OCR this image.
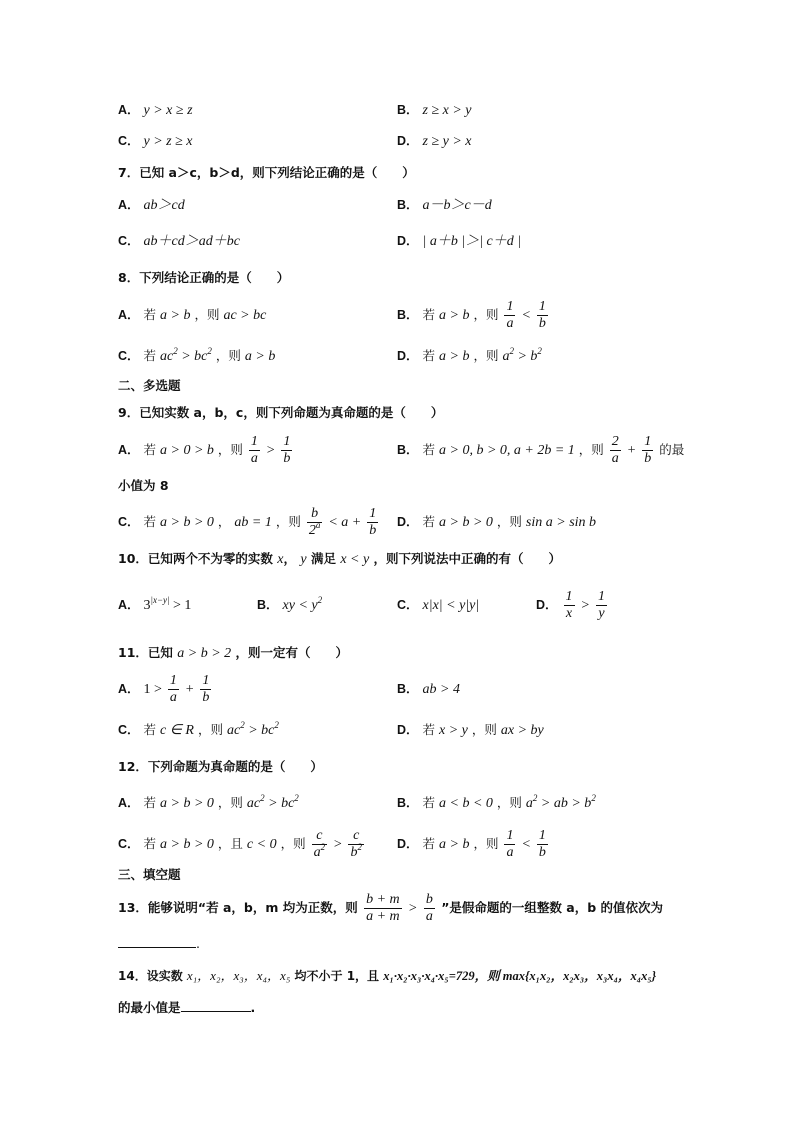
A． y > x ≥ z	B． z ≥ x > y
C． y > z ≥ x	D． z ≥ y > x
7．已知 a＞c，b＞d，则下列结论正确的是（　　）
A． ab＞cd	B． a－b＞c－d
C． ab＋cd＞ad＋bc	D． | a＋b |＞| c＋d |
8．下列结论正确的是（　　）
A． 若 a > b ，则 ac > bc	B． 若 a > b ，则 $\frac{1}{a} < \frac{1}{b}$
C． 若 $ac^2 > bc^2$ ，则 a > b	D． 若 a > b ，则 $a^2 > b^2$
二、多选题
9．已知实数 a，b，c，则下列命题为真命题的是（　　）
A． 若 a > 0 > b ，则 $\frac{1}{a} > \frac{1}{b}$	B． 若 a > 0, b > 0, a + 2b = 1 ，则 $\frac{2}{a} + \frac{1}{b}$ 的最
小值为 8
C． 若 a > b > 0 ， ab = 1 ，则 $\frac{b}{2^a} < a + \frac{1}{b}$ D． 若 a > b > 0 ，则 sin a > sin b
10．已知两个不为零的实数 x， y 满足 x < y ，则下列说法中正确的有（　　）
A． $3^{|x-y|} > 1$	B． xy < $y^2$	C． x|x| < y|y|	D． $\frac{1}{x} > \frac{1}{y}$
11．已知 a > b > 2 ，则一定有（　　）
A． $1 > \frac{1}{a} + \frac{1}{b}$	B． ab > 4
C． 若 c ∈ R ，则 $ac^2 > bc^2$	D． 若 x > y ，则 ax > by
12．下列命题为真命题的是（　　）
A． 若 a > b > 0 ，则 $ac^2 > bc^2$	B． 若 a < b < 0 ，则 $a^2$ > ab > $b^2$
C． 若 a > b > 0 ，且 c < 0 ，则 $\frac{c}{a^2} > \frac{c}{b^2}$	D． 若 a > b ，则 $\frac{1}{a} < \frac{1}{b}$
三、填空题
13．能够说明“若 a，b，m 均为正数，则 $\frac{b + m}{a + m} > \frac{b}{a}$ ”是假命题的一组整数 a，b 的值依次为
.
14．设实数 x₁，x₂，x₃，x₄，x₅ 均不小于 1，且 x₁·x₂·x₃·x₄·x₅=729，则 max{x₁x₂，x₂x₃，x₃x₄，x₄x₅}
的最小值是	.
